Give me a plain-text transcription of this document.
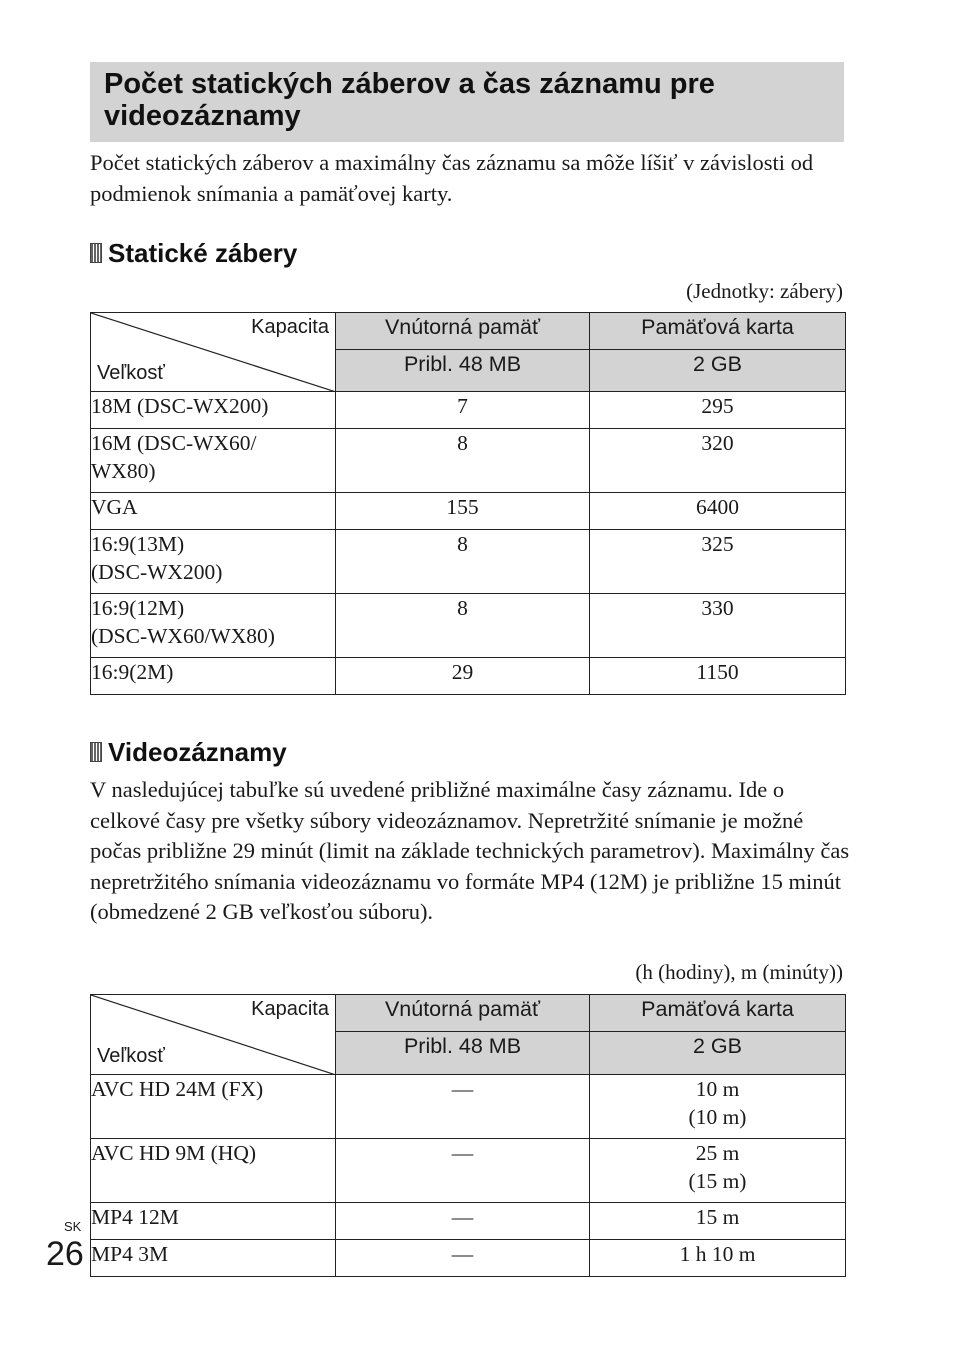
Počet statických záberov a čas záznamu pre videozáznamy

Počet statických záberov a maximálny čas záznamu sa môže líšiť v závislosti od podmienok snímania a pamäťovej karty.

Statické zábery

(Jednotky: zábery)

Kapacita
Veľkosť	Vnútorná pamäť	Pamäťová karta
	Pribl. 48 MB	2 GB
18M (DSC-WX200)	7	295
16M (DSC-WX60/
WX80)	8	320
VGA	155	6400
16:9(13M)
(DSC-WX200)	8	325
16:9(12M)
(DSC-WX60/WX80)	8	330
16:9(2M)	29	1150
Videozáznamy

V nasledujúcej tabuľke sú uvedené približné maximálne časy záznamu. Ide o celkové časy pre všetky súbory videozáznamov. Nepretržité snímanie je možné počas približne 29 minút (limit na základe technických parametrov). Maximálny čas nepretržitého snímania videozáznamu vo formáte MP4 (12M) je približne 15 minút (obmedzené 2 GB veľkosťou súboru).

(h (hodiny), m (minúty))

Kapacita
Veľkosť	Vnútorná pamäť	Pamäťová karta
	Pribl. 48 MB	2 GB
AVC HD 24M (FX)	—	10 m
(10 m)
AVC HD 9M (HQ)	—	25 m
(15 m)
MP4 12M	—	15 m
MP4 3M	—	1 h 10 m
SK
26
